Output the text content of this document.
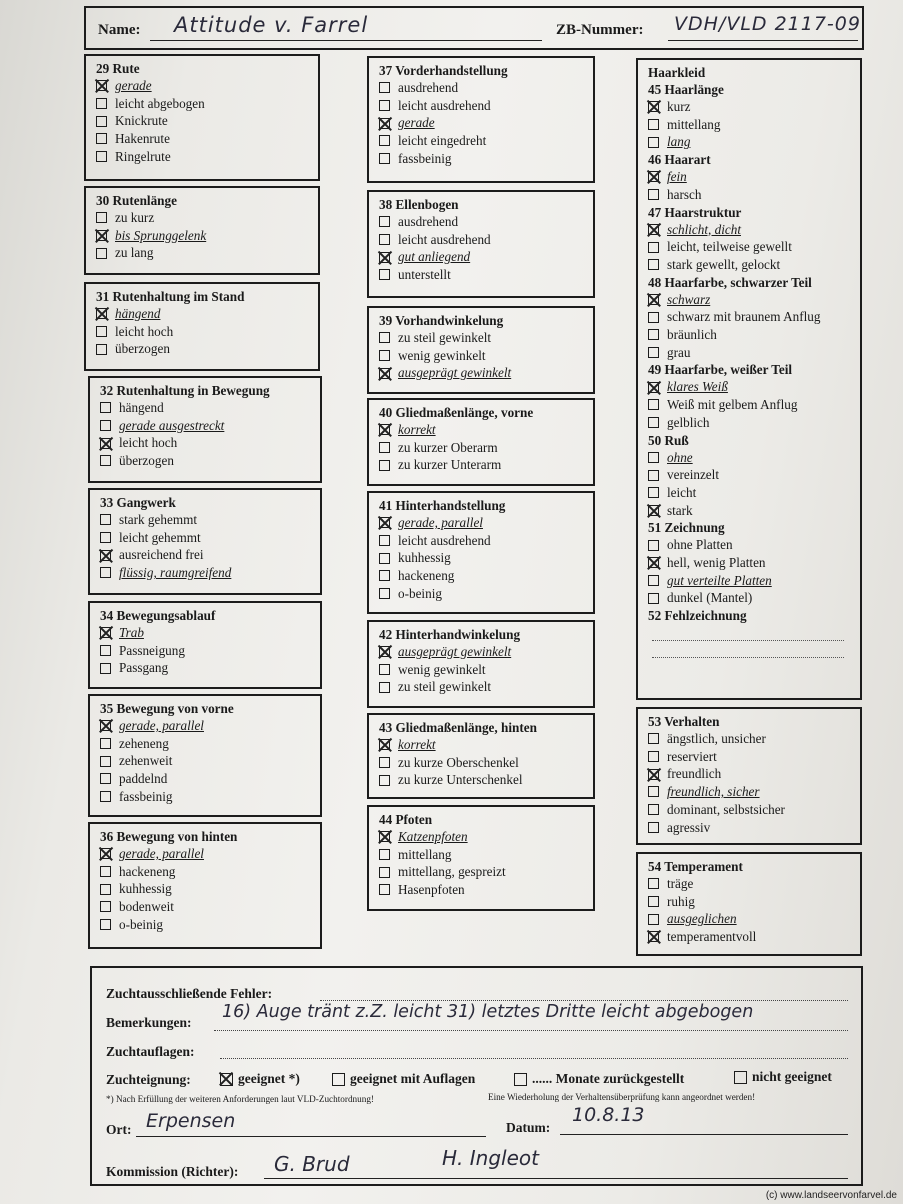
Name: Attitude v. Farrel	ZB-Nummer: VDH/VLD 2117-09
29 Rute
gerade
leicht abgebogen
Knickrute
Hakenrute
Ringelrute
30 Rutenlänge
zu kurz
bis Sprunggelenk
zu lang
31 Rutenhaltung im Stand
hängend
leicht hoch
überzogen
32 Rutenhaltung in Bewegung
hängend
gerade ausgestreckt
leicht hoch
überzogen
33 Gangwerk
stark gehemmt
leicht gehemmt
ausreichend frei
flüssig, raumgreifend
34 Bewegungsablauf
Trab
Passneigung
Passgang
35 Bewegung von vorne
gerade, parallel
zeheneng
zehenweit
paddelnd
fassbeinig
36 Bewegung von hinten
gerade, parallel
hackeneng
kuhhessig
bodenweit
o-beinig
37 Vorderhandstellung
ausdrehend
leicht ausdrehend
gerade
leicht eingedreht
fassbeinig
38 Ellenbogen
ausdrehend
leicht ausdrehend
gut anliegend
unterstellt
39 Vorhandwinkelung
zu steil gewinkelt
wenig gewinkelt
ausgeprägt gewinkelt
40 Gliedmaßenlänge, vorne
korrekt
zu kurzer Oberarm
zu kurzer Unterarm
41 Hinterhandstellung
gerade, parallel
leicht ausdrehend
kuhhessig
hackeneng
o-beinig
42 Hinterhandwinkelung
ausgeprägt gewinkelt
wenig gewinkelt
zu steil gewinkelt
43 Gliedmaßenlänge, hinten
korrekt
zu kurze Oberschenkel
zu kurze Unterschenkel
44 Pfoten
Katzenpfoten
mittellang
mittellang, gespreizt
Hasenpfoten
Haarkleid
45 Haarlänge
kurz
mittellang
lang
46 Haarart
fein
harsch
47 Haarstruktur
schlicht, dicht
leicht, teilweise gewellt
stark gewellt, gelockt
48 Haarfarbe, schwarzer Teil
schwarz
schwarz mit braunem Anflug
bräunlich
grau
49 Haarfarbe, weißer Teil
klares Weiß
Weiß mit gelbem Anflug
gelblich
50 Ruß
ohne
vereinzelt
leicht
stark
51 Zeichnung
ohne Platten
hell, wenig Platten
gut verteilte Platten
dunkel (Mantel)
52 Fehlzeichnung
53 Verhalten
ängstlich, unsicher
reserviert
freundlich
freundlich, sicher
dominant, selbstsicher
agressiv
54 Temperament
träge
ruhig
ausgeglichen
temperamentvoll
Zuchtausschließende Fehler:
Bemerkungen:
16) Auge tränt z.Z. leicht 31) letztes Dritte leicht abgebogen
Zuchtauflagen:
Zuchteignung:	geeignet *)	geeignet mit Auflagen	...... Monate zurückgestellt	nicht geeignet
*) Nach Erfüllung der weiteren Anforderungen laut VLD-Zuchtordnung!	Eine Wiederholung der Verhaltensüberprüfung kann angeordnet werden!
Ort: Erpensen	Datum:
10.8.13
Kommission (Richter): G. Brud	H. Ingleot
(c) www.landseervonfarvel.de
